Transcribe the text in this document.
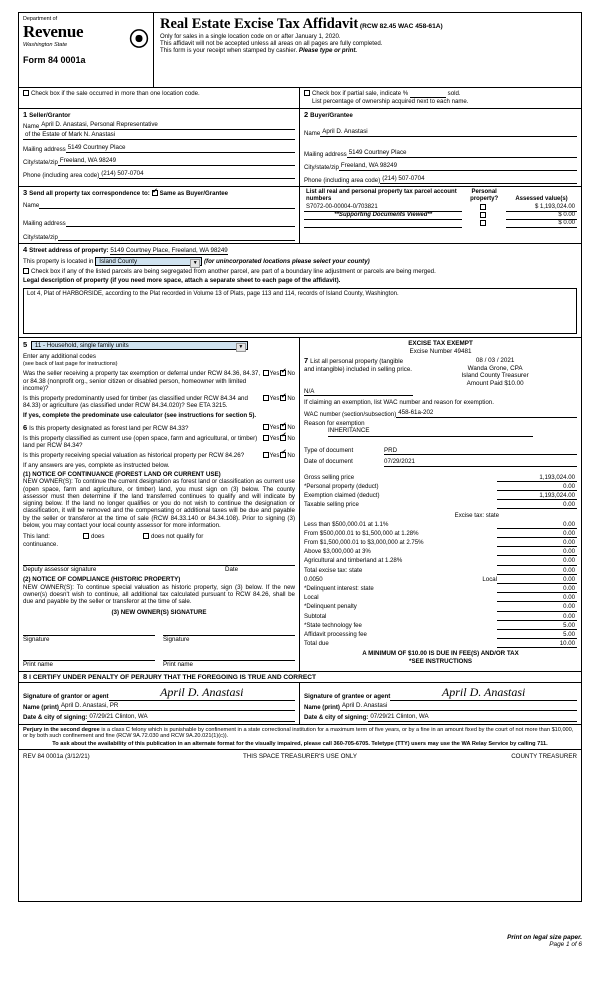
Department of
Revenue
Washington State
Form 84 0001a
⦿
Real Estate Excise Tax Affidavit (RCW 82.45 WAC 458-61A)

Only for sales in a single location code on or after January 1, 2020.

This affidavit will not be accepted unless all areas on all pages are fully completed.

This form is your receipt when stamped by cashier. Please type or print.

Check box if the sale occurred in more than one location code.	Check box if partial sale, indicate %	sold.
List percentage of ownership acquired next to each name.
1 Seller/Grantor
Name April D. Anastasi, Personal Representative
of the Estate of Mark N. Anastasi
Mailing address 5149 Courtney Place
City/state/zip Freeland, WA 98249
Phone (including area code) (214) 507-0704
2 Buyer/Grantee
Name April D. Anastasi
Mailing address 5149 Courtney Place
City/state/zip Freeland, WA 98249
Phone (including area code) (214) 507-0704
3 Send all property tax correspondence to: ✔ Same as Buyer/Grantee
Name
Mailing address
City/state/zip
List all real and personal property tax parcel account numbers	Personal property?	Assessed value(s)
S7072-00-00004-0/703821		$ 1,193,024.00
**Supporting Documents Viewed**		$ 0.00
		$ 0.00
4 Street address of property: 5149 Courtney Place, Freeland, WA 98249
This property is located in Island County	▼	(for unincorporated locations please select your county)
Check box if any of the listed parcels are being segregated from another parcel, are part of a boundary line adjustment or parcels are being merged.
Legal description of property (if you need more space, attach a separate sheet to each page of the affidavit).
Lot 4, Plat of HARBORSIDE, according to the Plat recorded in Volume 13 of Plats, page 113 and 114, records of Island County, Washington.
5 11 - Household, single family units	▼
Enter any additional codes
(see back of last page for instructions)
Was the seller receiving a property tax exemption or deferral under RCW 84.36, 84.37, or 84.38 (nonprofit org., senior citizen or disabled person, homeowner with limited income)?
Yes ✔ No
Is this property predominantly used for timber (as classified under RCW 84.34 and 84.33) or agriculture (as classified under RCW 84.34.020)? See ETA 3215.
Yes ✔ No
If yes, complete the predominate use calculator (see instructions for section 5).
6 Is this property designated as forest land per RCW 84.33?	Yes ✔ No
Is this property classified as current use (open space, farm and agricultural, or timber) land per RCW 84.34?
Yes ✔ No
Is this property receiving special valuation as historical property per RCW 84.26?	Yes ✔ No
If any answers are yes, complete as instructed below.
(1) NOTICE OF CONTINUANCE (FOREST LAND OR CURRENT USE)
NEW OWNER(S): To continue the current designation as forest land or classification as current use (open space, farm and agriculture, or timber) land, you must sign on (3) below. The county assessor must then determine if the land transferred continues to qualify and will indicate by signing below. If the land no longer qualifies or you do not wish to continue the designation or classification, it will be removed and the compensating or additional taxes will be due and payable by the seller or transferor at the time of sale (RCW 84.33.140 or 84.34.108). Prior to signing (3) below, you may contact your local county assessor for more information.
This land:	does	does not qualify for
continuance.
Deputy assessor signature	Date
(2) NOTICE OF COMPLIANCE (HISTORIC PROPERTY)
NEW OWNER(S): To continue special valuation as historic property, sign (3) below. If the new owner(s) doesn't wish to continue, all additional tax calculated pursuant to RCW 84.26, shall be due and payable by the seller or transferor at the time of sale.
(3) NEW OWNER(S) SIGNATURE
Signature	Signature
Print name	Print name
EXCISE TAX EXEMPT
Excise Number 49481
7 List all personal property (tangible and intangible) included in selling price.
08 / 03 / 2021
Wanda Grone, CPA
Island County Treasurer
Amount Paid $10.00
N/A
If claiming an exemption, list WAC number and reason for exemption.
WAC number (section/subsection) 458-61a-202
Reason for exemption
INHERITANCE
Type of document	PRD
Date of document	07/29/2021
Gross selling price	1,193,024.00
*Personal property (deduct)	0.00
Exemption claimed (deduct)	1,193,024.00
Taxable selling price	0.00
Excise tax: state
Less than $500,000.01 at 1.1%	0.00
From $500,000.01 to $1,500,000 at 1.28%	0.00
From $1,500,000.01 to $3,000,000 at 2.75%	0.00
Above $3,000,000 at 3%	0.00
Agricultural and timberland at 1.28%	0.00
Total excise tax: state	0.00
0.0050	Local	0.00
*Delinquent interest: state	0.00
Local	0.00
*Delinquent penalty	0.00
Subtotal	0.00
*State technology fee	5.00
Affidavit processing fee	5.00
Total due	10.00
A MINIMUM OF $10.00 IS DUE IN FEE(S) AND/OR TAX
*SEE INSTRUCTIONS
8 I CERTIFY UNDER PENALTY OF PERJURY THAT THE FOREGOING IS TRUE AND CORRECT
Signature of grantor or agent	April D. Anastasi
Name (print) April D. Anastasi, PR
Date & city of signing: 07/29/21 Clinton, WA
Signature of grantee or agent	April D. Anastasi
Name (print) April D. Anastasi
Date & city of signing: 07/29/21 Clinton, WA
Perjury in the second degree is a class C felony which is punishable by confinement in a state correctional institution for a maximum term of five years, or by a fine in an amount fixed by the court of not more than $10,000, or by both such confinement and fine (RCW 9A.72.030 and RCW 9A.20.021(1)(c)).
To ask about the availability of this publication in an alternate format for the visually impaired, please call 360-705-6705. Teletype (TTY) users may use the WA Relay Service by calling 711.
REV 84 0001a (3/12/21)	THIS SPACE TREASURER'S USE ONLY	COUNTY TREASURER
Print on legal size paper.
Page 1 of 6
